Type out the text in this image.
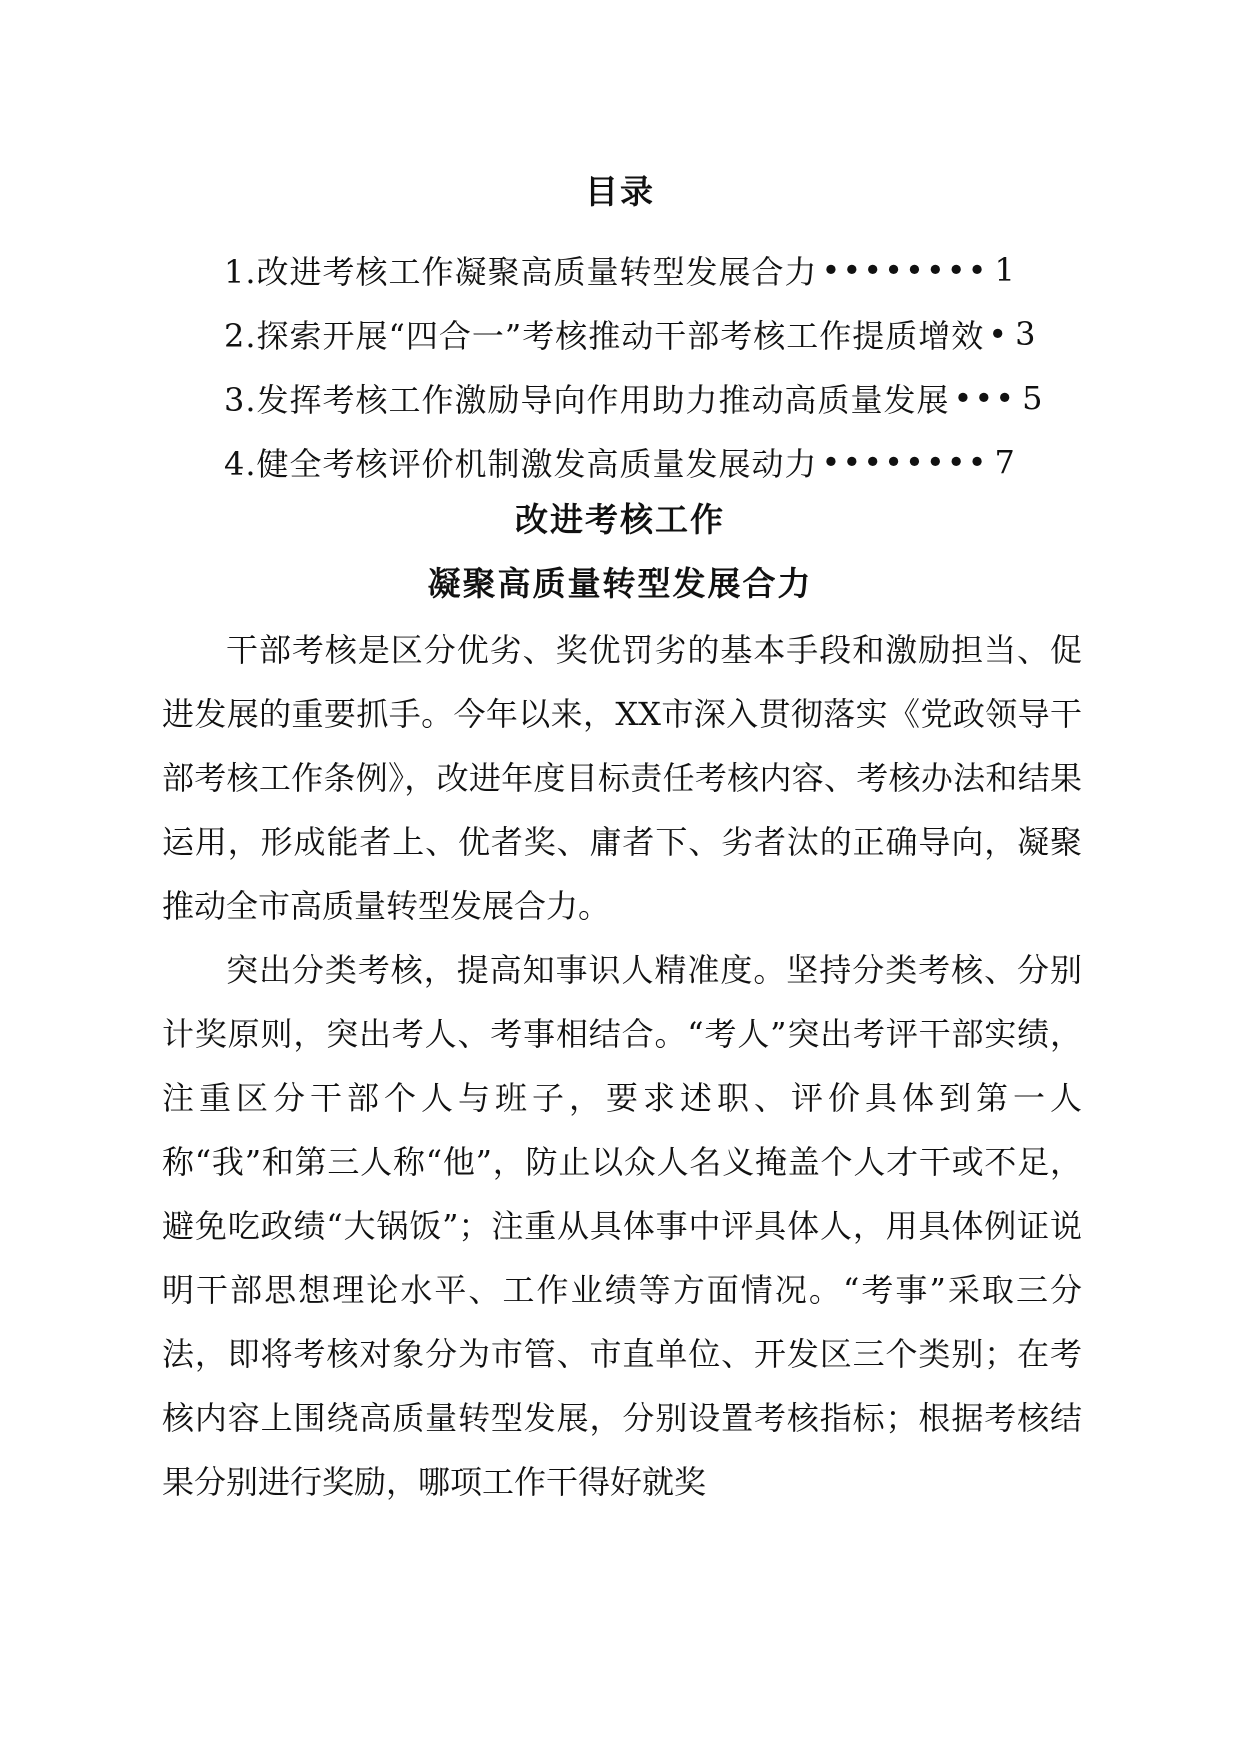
目录
1.改进考核工作凝聚高质量转型发展合力 •••••••• 1
2.探索开展“四合一”考核推动干部考核工作提质增效 • 3
3.发挥考核工作激励导向作用助力推动高质量发展 ••• 5
4.健全考核评价机制激发高质量发展动力 •••••••• 7
改进考核工作
凝聚高质量转型发展合力
干部考核是区分优劣、奖优罚劣的基本手段和激励担当、促进发展的重要抓手。今年以来，XX市深入贯彻落实《党政领导干部考核工作条例》，改进年度目标责任考核内容、考核办法和结果运用，形成能者上、优者奖、庸者下、劣者汰的正确导向，凝聚推动全市高质量转型发展合力。
突出分类考核，提高知事识人精准度。坚持分类考核、分别计奖原则，突出考人、考事相结合。“考人”突出考评干部实绩，注重区分干部个人与班子，要求述职、评价具体到第一人称“我”和第三人称“他”，防止以众人名义掩盖个人才干或不足，避免吃政绩“大锅饭”；注重从具体事中评具体人，用具体例证说明干部思想理论水平、工作业绩等方面情况。“考事”采取三分法，即将考核对象分为市管、市直单位、开发区三个类别；在考核内容上围绕高质量转型发展，分别设置考核指标；根据考核结果分别进行奖励，哪项工作干得好就奖
